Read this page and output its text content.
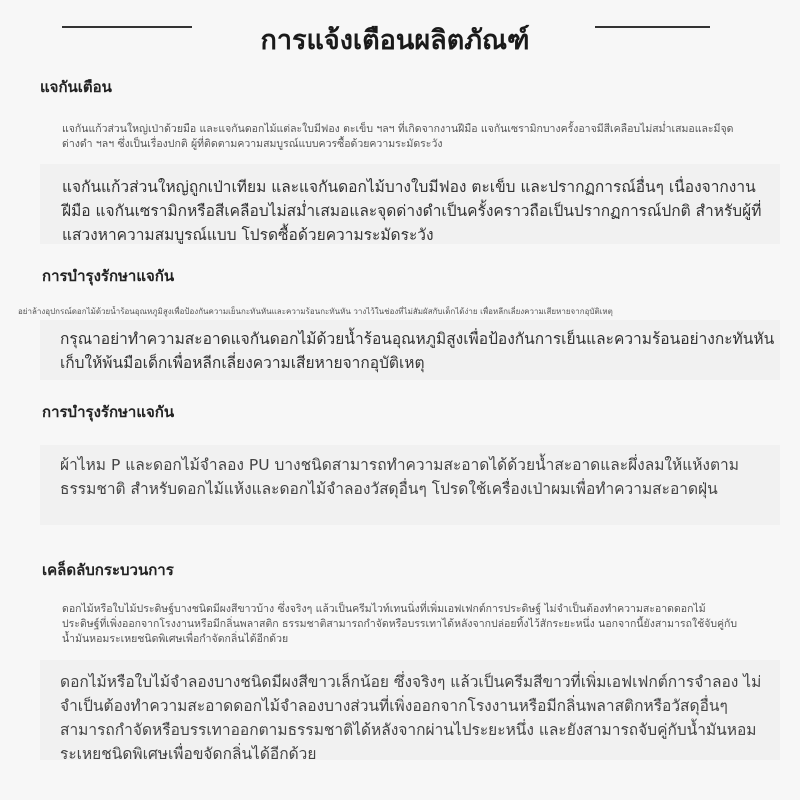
การแจ้งเตือนผลิตภัณฑ์
แจกันเตือน
แจกันแก้วส่วนใหญ่เป่าด้วยมือ และแจกันดอกไม้แต่ละใบมีฟอง ตะเข็บ ฯลฯ ที่เกิดจากงานฝีมือ แจกันเซรามิกบางครั้งอาจมีสีเคลือบไม่สม่ำเสมอและมีจุดด่างดำ ฯลฯ ซึ่งเป็นเรื่องปกติ ผู้ที่ติดตามความสมบูรณ์แบบควรซื้อด้วยความระมัดระวัง
แจกันแก้วส่วนใหญ่ถูกเป่าเทียม และแจกันดอกไม้บางใบมีฟอง ตะเข็บ และปรากฏการณ์อื่นๆ เนื่องจากงานฝีมือ แจกันเซรามิกหรือสีเคลือบไม่สม่ำเสมอและจุดด่างดำเป็นครั้งคราวถือเป็นปรากฏการณ์ปกติ สำหรับผู้ที่แสวงหาความสมบูรณ์แบบ โปรดซื้อด้วยความระมัดระวัง
การบำรุงรักษาแจกัน
อย่าล้างอุปกรณ์ดอกไม้ด้วยน้ำร้อนอุณหภูมิสูงเพื่อป้องกันความเย็นกะทันหันและความร้อนกะทันหัน วางไว้ในช่องที่ไม่สัมผัสกับเด็กได้ง่าย เพื่อหลีกเลี่ยงความเสียหายจากอุบัติเหตุ
กรุณาอย่าทำความสะอาดแจกันดอกไม้ด้วยน้ำร้อนอุณหภูมิสูงเพื่อป้องกันการเย็นและความร้อนอย่างกะทันหัน เก็บให้พ้นมือเด็กเพื่อหลีกเลี่ยงความเสียหายจากอุบัติเหตุ
การบำรุงรักษาแจกัน
ผ้าไหม P และดอกไม้จำลอง PU บางชนิดสามารถทำความสะอาดได้ด้วยน้ำสะอาดและผึ่งลมให้แห้งตามธรรมชาติ สำหรับดอกไม้แห้งและดอกไม้จำลองวัสดุอื่นๆ โปรดใช้เครื่องเป่าผมเพื่อทำความสะอาดฝุ่น
เคล็ดลับกระบวนการ
ดอกไม้หรือใบไม้ประดิษฐ์บางชนิดมีผงสีขาวบ้าง ซึ่งจริงๆ แล้วเป็นครีมไวท์เทนนิ่งที่เพิ่มเอฟเฟกต์การประดิษฐ์ ไม่จำเป็นต้องทำความสะอาดดอกไม้ประดิษฐ์ที่เพิ่งออกจากโรงงานหรือมีกลิ่นพลาสติก ธรรมชาติสามารถกำจัดหรือบรรเทาได้หลังจากปล่อยทิ้งไว้สักระยะหนึ่ง นอกจากนี้ยังสามารถใช้จับคู่กับน้ำมันหอมระเหยชนิดพิเศษเพื่อกำจัดกลิ่นได้อีกด้วย
ดอกไม้หรือใบไม้จำลองบางชนิดมีผงสีขาวเล็กน้อย ซึ่งจริงๆ แล้วเป็นครีมสีขาวที่เพิ่มเอฟเฟกต์การจำลอง ไม่จำเป็นต้องทำความสะอาดดอกไม้จำลองบางส่วนที่เพิ่งออกจากโรงงานหรือมีกลิ่นพลาสติกหรือวัสดุอื่นๆ สามารถกำจัดหรือบรรเทาออกตามธรรมชาติได้หลังจากผ่านไประยะหนึ่ง และยังสามารถจับคู่กับน้ำมันหอมระเหยชนิดพิเศษเพื่อขจัดกลิ่นได้อีกด้วย
